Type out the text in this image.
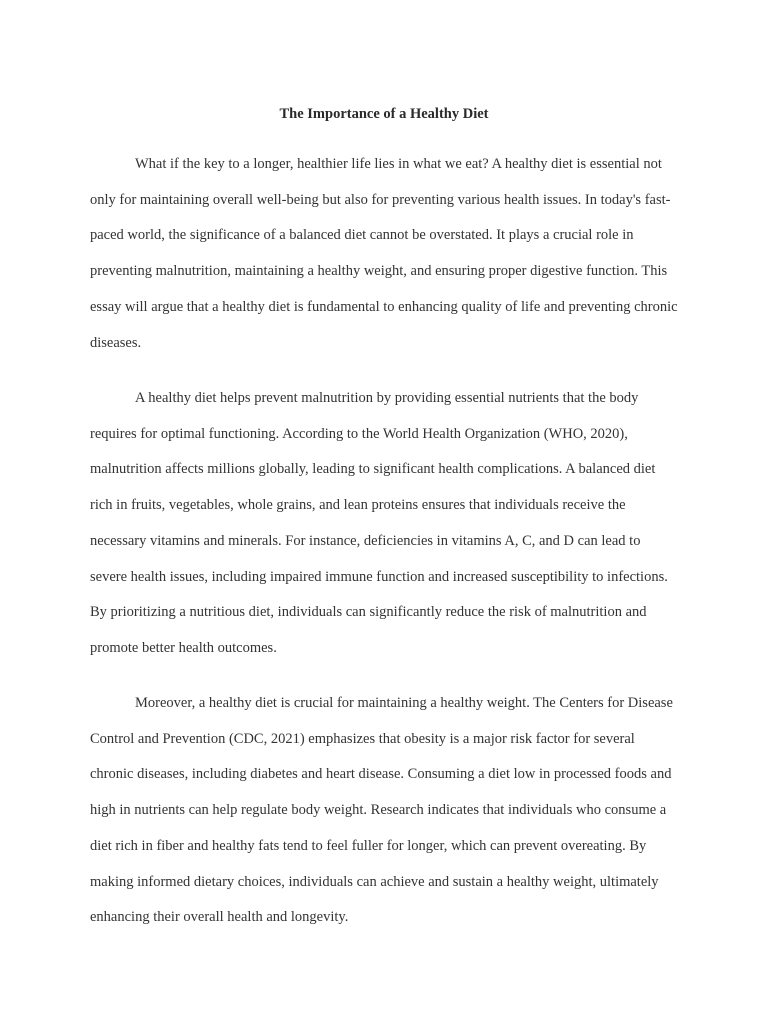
The Importance of a Healthy Diet

What if the key to a longer, healthier life lies in what we eat? A healthy diet is essential not only for maintaining overall well-being but also for preventing various health issues. In today's fast-paced world, the significance of a balanced diet cannot be overstated. It plays a crucial role in preventing malnutrition, maintaining a healthy weight, and ensuring proper digestive function. This essay will argue that a healthy diet is fundamental to enhancing quality of life and preventing chronic diseases.

A healthy diet helps prevent malnutrition by providing essential nutrients that the body requires for optimal functioning. According to the World Health Organization (WHO, 2020), malnutrition affects millions globally, leading to significant health complications. A balanced diet rich in fruits, vegetables, whole grains, and lean proteins ensures that individuals receive the necessary vitamins and minerals. For instance, deficiencies in vitamins A, C, and D can lead to severe health issues, including impaired immune function and increased susceptibility to infections. By prioritizing a nutritious diet, individuals can significantly reduce the risk of malnutrition and promote better health outcomes.

Moreover, a healthy diet is crucial for maintaining a healthy weight. The Centers for Disease Control and Prevention (CDC, 2021) emphasizes that obesity is a major risk factor for several chronic diseases, including diabetes and heart disease. Consuming a diet low in processed foods and high in nutrients can help regulate body weight. Research indicates that individuals who consume a diet rich in fiber and healthy fats tend to feel fuller for longer, which can prevent overeating. By making informed dietary choices, individuals can achieve and sustain a healthy weight, ultimately enhancing their overall health and longevity.
